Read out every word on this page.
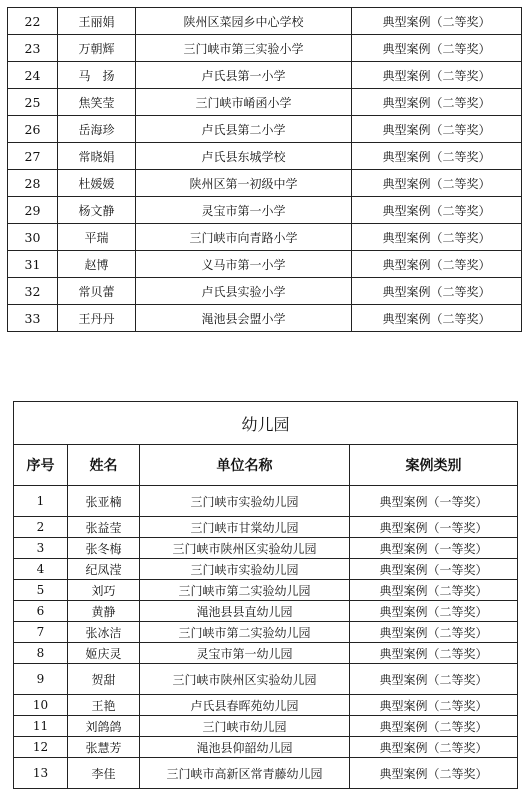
22	王丽娟	陕州区菜园乡中心学校	典型案例（二等奖）
23	万朝辉	三门峡市第三实验小学	典型案例（二等奖）
24	马　扬	卢氏县第一小学	典型案例（二等奖）
25	焦笑莹	三门峡市崤函小学	典型案例（二等奖）
26	岳海珍	卢氏县第二小学	典型案例（二等奖）
27	常晓娟	卢氏县东城学校	典型案例（二等奖）
28	杜媛媛	陕州区第一初级中学	典型案例（二等奖）
29	杨文静	灵宝市第一小学	典型案例（二等奖）
30	平瑞	三门峡市向青路小学	典型案例（二等奖）
31	赵博	义马市第一小学	典型案例（二等奖）
32	常贝蕾	卢氏县实验小学	典型案例（二等奖）
33	王丹丹	渑池县会盟小学	典型案例（二等奖）
幼儿园			
序号	姓名	单位名称	案例类别
1	张亚楠	三门峡市实验幼儿园	典型案例（一等奖）
2	张益莹	三门峡市甘棠幼儿园	典型案例（一等奖）
3	张冬梅	三门峡市陕州区实验幼儿园	典型案例（一等奖）
4	纪凤滢	三门峡市实验幼儿园	典型案例（一等奖）
5	刘巧	三门峡市第二实验幼儿园	典型案例（二等奖）
6	黄静	渑池县县直幼儿园	典型案例（二等奖）
7	张冰洁	三门峡市第二实验幼儿园	典型案例（二等奖）
8	姬庆灵	灵宝市第一幼儿园	典型案例（二等奖）
9	贺甜	三门峡市陕州区实验幼儿园	典型案例（二等奖）
10	王艳	卢氏县春晖苑幼儿园	典型案例（二等奖）
11	刘鸽鸽	三门峡市幼儿园	典型案例（二等奖）
12	张慧芳	渑池县仰韶幼儿园	典型案例（二等奖）
13	李佳	三门峡市高新区常青藤幼儿园	典型案例（二等奖）
